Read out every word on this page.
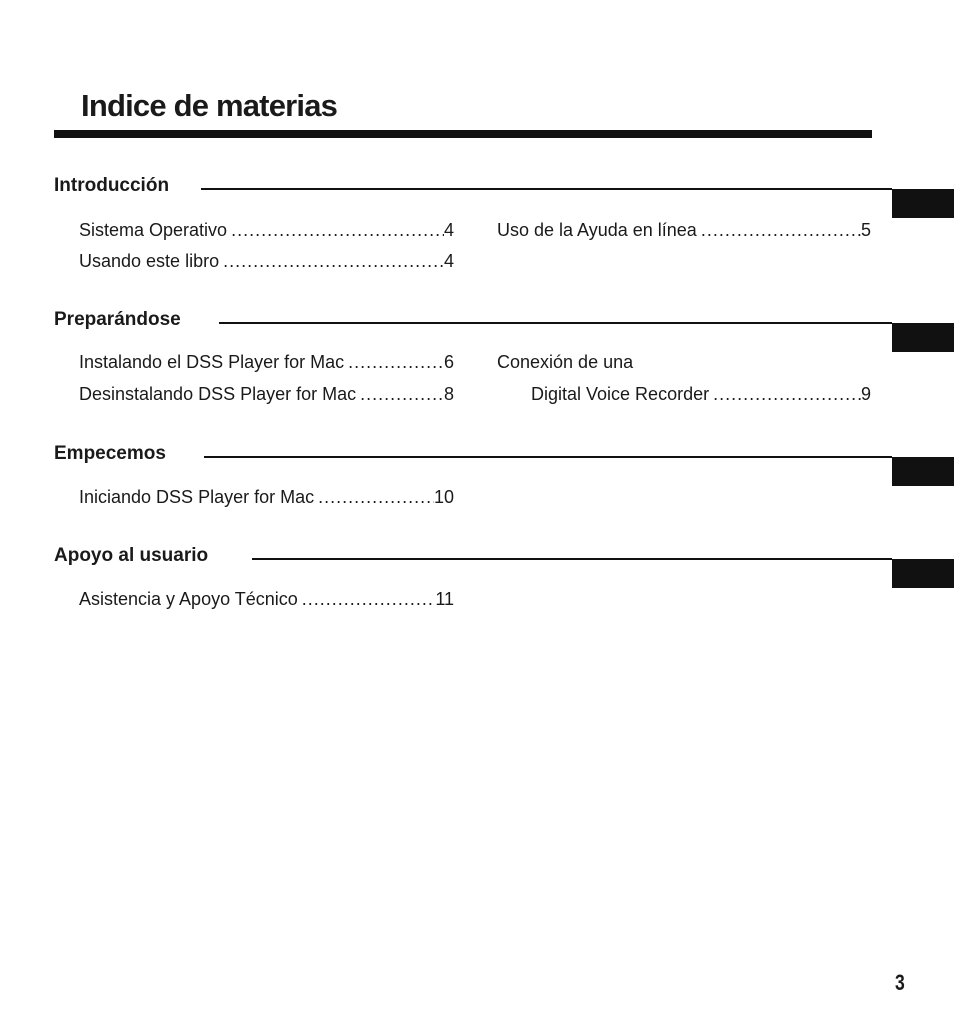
Indice de materias
Introducción
Sistema Operativo .....	4
Usando este libro .....	4
Uso de la Ayuda en línea .....	5
Preparándose
Instalando el DSS Player for Mac .....	6
Desinstalando DSS Player for Mac .....	8
Conexión de una
Digital Voice Recorder .....	9
Empecemos
Iniciando DSS Player for Mac .....	10
Apoyo al usuario
Asistencia y Apoyo Técnico .....	11
3
